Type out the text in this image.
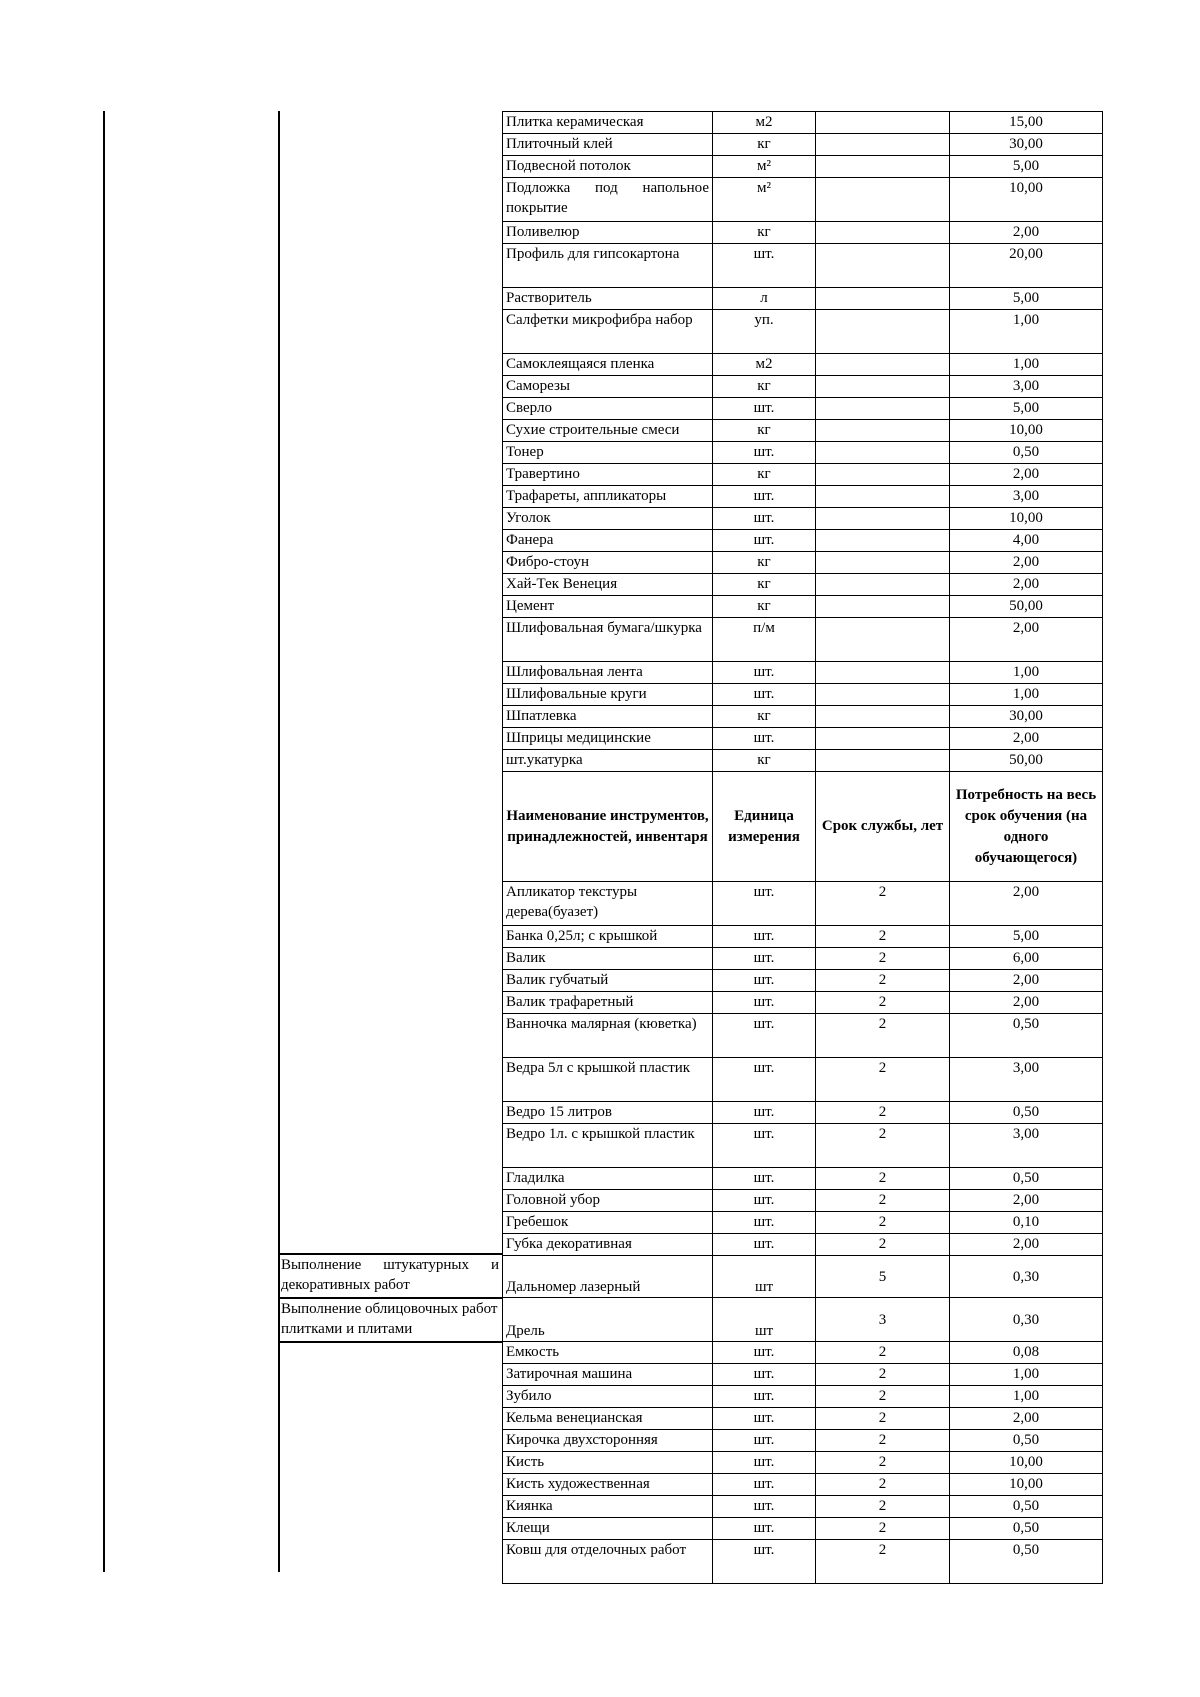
Выполнение штукатурных и декоративных работ
Выполнение облицовочных работ плитками и плитами
Плитка керамическая	м2		15,00
Плиточный клей	кг		30,00
Подвесной потолок	м²		5,00
Подложка под напольное покрытие	м²		10,00
Поливелюр	кг		2,00
Профиль для гипсокартона	шт.		20,00
Растворитель	л		5,00
Салфетки микрофибра набор	уп.		1,00
Самоклеящаяся пленка	м2		1,00
Саморезы	кг		3,00
Сверло	шт.		5,00
Сухие строительные смеси	кг		10,00
Тонер	шт.		0,50
Травертино	кг		2,00
Трафареты, аппликаторы	шт.		3,00
Уголок	шт.		10,00
Фанера	шт.		4,00
Фибро-стоун	кг		2,00
Хай-Тек Венеция	кг		2,00
Цемент	кг		50,00
Шлифовальная бумага/шкурка	п/м		2,00
Шлифовальная лента	шт.		1,00
Шлифовальные круги	шт.		1,00
Шпатлевка	кг		30,00
Шприцы медицинские	шт.		2,00
шт.укатурка	кг		50,00
Наименование инструментов, принадлежностей, инвентаря	Единица измерения	Срок службы, лет	Потребность на весь срок обучения (на одного обучающегося)
Апликатор текстуры дерева(буазет)	шт.	2	2,00
Банка 0,25л; с крышкой	шт.	2	5,00
Валик	шт.	2	6,00
Валик губчатый	шт.	2	2,00
Валик трафаретный	шт.	2	2,00
Ванночка малярная (кюветка)	шт.	2	0,50
Ведра 5л с крышкой пластик	шт.	2	3,00
Ведро 15 литров	шт.	2	0,50
Ведро 1л. с крышкой пластик	шт.	2	3,00
Гладилка	шт.	2	0,50
Головной убор	шт.	2	2,00
Гребешок	шт.	2	0,10
Губка декоративная	шт.	2	2,00
Дальномер лазерный	шт	5	0,30
Дрель	шт	3	0,30
Емкость	шт.	2	0,08
Затирочная машина	шт.	2	1,00
Зубило	шт.	2	1,00
Кельма венецианская	шт.	2	2,00
Кирочка двухсторонняя	шт.	2	0,50
Кисть	шт.	2	10,00
Кисть художественная	шт.	2	10,00
Киянка	шт.	2	0,50
Клещи	шт.	2	0,50
Ковш для отделочных работ	шт.	2	0,50
